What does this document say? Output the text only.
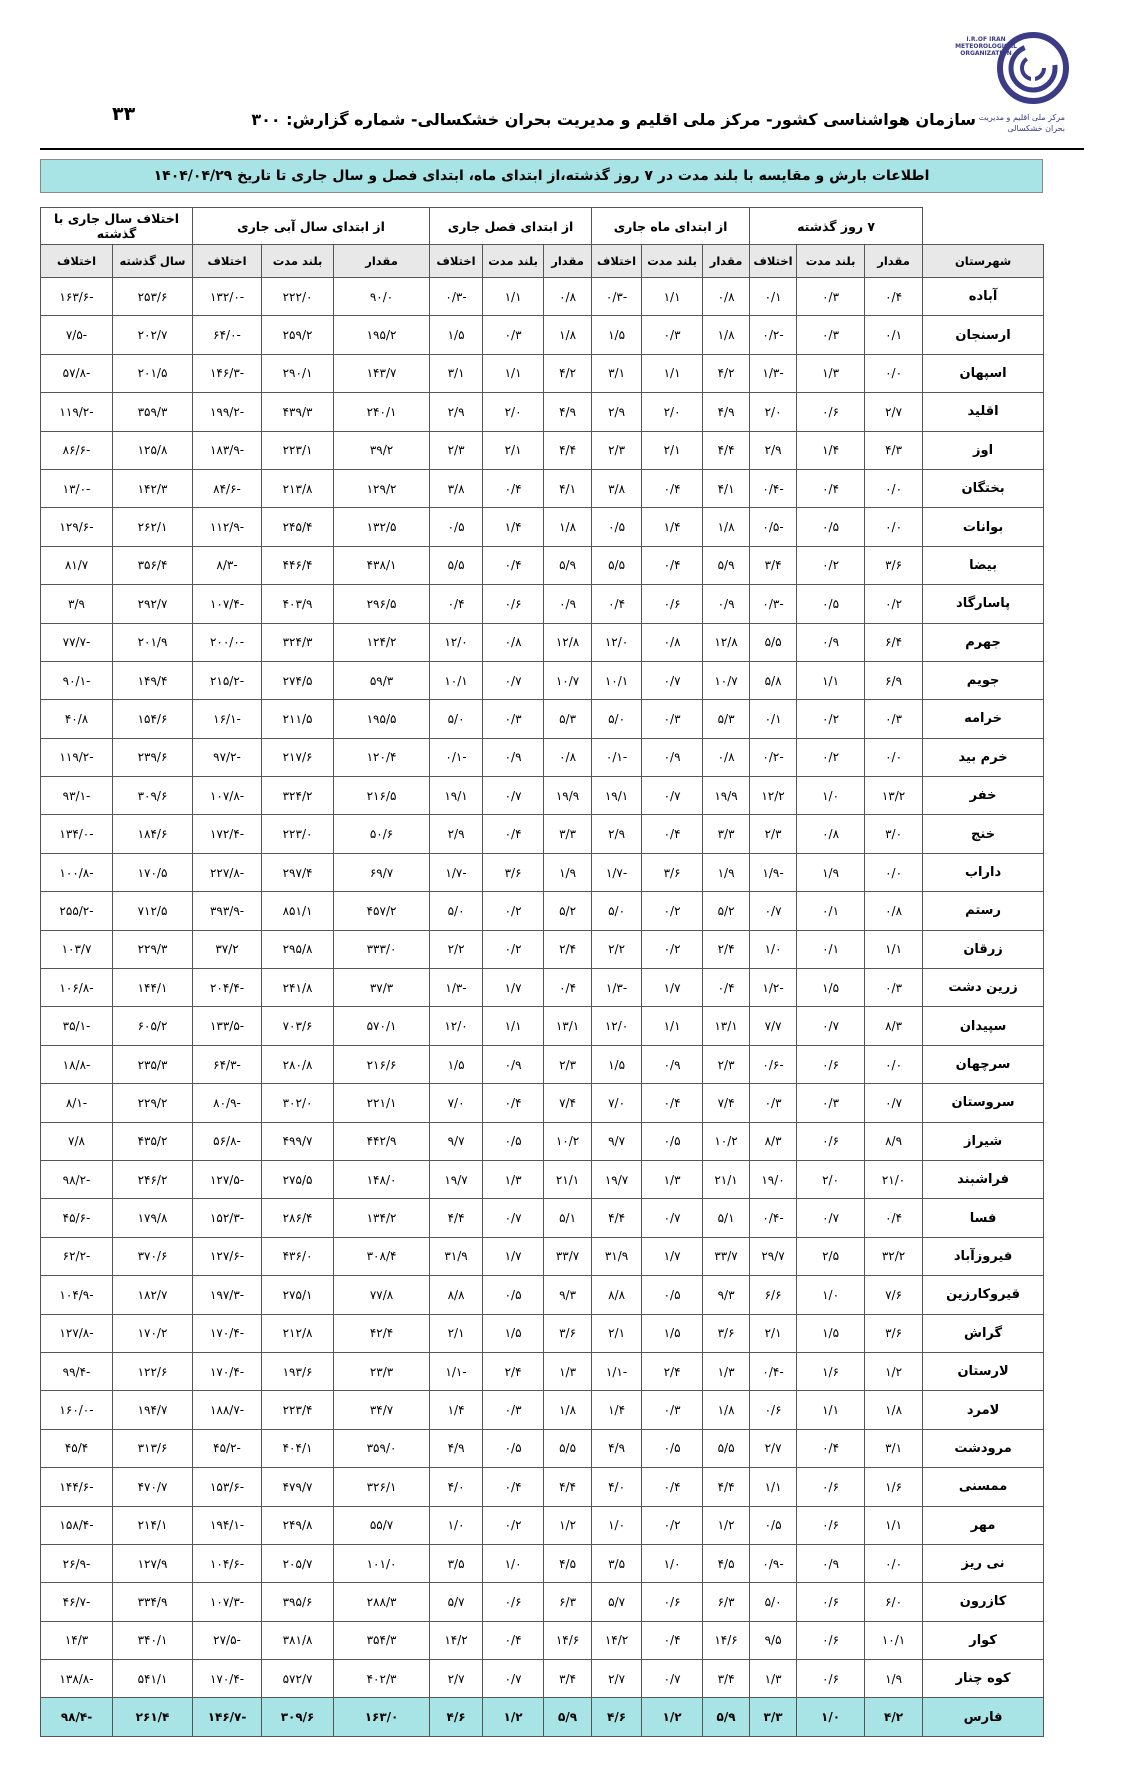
۳۳	سازمان هواشناسی کشور- مرکز ملی اقلیم و مدیریت بحران خشکسالی- شماره گزارش: ۳۰۰
I.R.OF IRAN METEOROLOGICAL ORGANIZATION
مرکز ملی اقلیم و مدیریت بحران خشکسالی
اطلاعات بارش و مقایسه با بلند مدت در ۷ روز گذشته،از ابتدای ماه، ابتدای فصل و سال جاری تا تاریخ ۱۴۰۴/۰۴/۲۹
	۷ روز گذشته			از ابتدای ماه جاری			از ابتدای فصل جاری			از ابتدای سال آبی جاری			اختلاف سال جاری با گذشته	
شهرستان	مقدار	بلند مدت	اختلاف	مقدار	بلند مدت	اختلاف	مقدار	بلند مدت	اختلاف	مقدار	بلند مدت	اختلاف	سال گذشته	اختلاف
آباده	۰/۴	۰/۳	۰/۱	۰/۸	۱/۱	-۰/۳	۰/۸	۱/۱	-۰/۳	۹۰/۰	۲۲۲/۰	-۱۳۲/۰	۲۵۳/۶	-۱۶۳/۶
ارسنجان	۰/۱	۰/۳	-۰/۲	۱/۸	۰/۳	۱/۵	۱/۸	۰/۳	۱/۵	۱۹۵/۲	۲۵۹/۲	-۶۴/۰	۲۰۲/۷	-۷/۵
اسپهان	۰/۰	۱/۳	-۱/۳	۴/۲	۱/۱	۳/۱	۴/۲	۱/۱	۳/۱	۱۴۳/۷	۲۹۰/۱	-۱۴۶/۳	۲۰۱/۵	-۵۷/۸
اقلید	۲/۷	۰/۶	۲/۰	۴/۹	۲/۰	۲/۹	۴/۹	۲/۰	۲/۹	۲۴۰/۱	۴۳۹/۳	-۱۹۹/۲	۳۵۹/۳	-۱۱۹/۲
اوز	۴/۳	۱/۴	۲/۹	۴/۴	۲/۱	۲/۳	۴/۴	۲/۱	۲/۳	۳۹/۲	۲۲۳/۱	-۱۸۳/۹	۱۲۵/۸	-۸۶/۶
بختگان	۰/۰	۰/۴	-۰/۴	۴/۱	۰/۴	۳/۸	۴/۱	۰/۴	۳/۸	۱۲۹/۲	۲۱۳/۸	-۸۴/۶	۱۴۲/۳	-۱۳/۰
بوانات	۰/۰	۰/۵	-۰/۵	۱/۸	۱/۴	۰/۵	۱/۸	۱/۴	۰/۵	۱۳۲/۵	۲۴۵/۴	-۱۱۲/۹	۲۶۲/۱	-۱۲۹/۶
بیضا	۳/۶	۰/۲	۳/۴	۵/۹	۰/۴	۵/۵	۵/۹	۰/۴	۵/۵	۴۳۸/۱	۴۴۶/۴	-۸/۳	۳۵۶/۴	۸۱/۷
پاسارگاد	۰/۲	۰/۵	-۰/۳	۰/۹	۰/۶	۰/۴	۰/۹	۰/۶	۰/۴	۲۹۶/۵	۴۰۳/۹	-۱۰۷/۴	۲۹۲/۷	۳/۹
جهرم	۶/۴	۰/۹	۵/۵	۱۲/۸	۰/۸	۱۲/۰	۱۲/۸	۰/۸	۱۲/۰	۱۲۴/۲	۳۲۴/۳	-۲۰۰/۰	۲۰۱/۹	-۷۷/۷
جویم	۶/۹	۱/۱	۵/۸	۱۰/۷	۰/۷	۱۰/۱	۱۰/۷	۰/۷	۱۰/۱	۵۹/۳	۲۷۴/۵	-۲۱۵/۲	۱۴۹/۴	-۹۰/۱
خرامه	۰/۳	۰/۲	۰/۱	۵/۳	۰/۳	۵/۰	۵/۳	۰/۳	۵/۰	۱۹۵/۵	۲۱۱/۵	-۱۶/۱	۱۵۴/۶	۴۰/۸
خرم بید	۰/۰	۰/۲	-۰/۲	۰/۸	۰/۹	-۰/۱	۰/۸	۰/۹	-۰/۱	۱۲۰/۴	۲۱۷/۶	-۹۷/۲	۲۳۹/۶	-۱۱۹/۲
خفر	۱۳/۲	۱/۰	۱۲/۲	۱۹/۹	۰/۷	۱۹/۱	۱۹/۹	۰/۷	۱۹/۱	۲۱۶/۵	۳۲۴/۲	-۱۰۷/۸	۳۰۹/۶	-۹۳/۱
خنج	۳/۰	۰/۸	۲/۳	۳/۳	۰/۴	۲/۹	۳/۳	۰/۴	۲/۹	۵۰/۶	۲۲۳/۰	-۱۷۲/۴	۱۸۴/۶	-۱۳۴/۰
داراب	۰/۰	۱/۹	-۱/۹	۱/۹	۳/۶	-۱/۷	۱/۹	۳/۶	-۱/۷	۶۹/۷	۲۹۷/۴	-۲۲۷/۸	۱۷۰/۵	-۱۰۰/۸
رستم	۰/۸	۰/۱	۰/۷	۵/۲	۰/۲	۵/۰	۵/۲	۰/۲	۵/۰	۴۵۷/۲	۸۵۱/۱	-۳۹۳/۹	۷۱۲/۵	-۲۵۵/۲
زرقان	۱/۱	۰/۱	۱/۰	۲/۴	۰/۲	۲/۲	۲/۴	۰/۲	۲/۲	۳۳۳/۰	۲۹۵/۸	۳۷/۲	۲۲۹/۳	۱۰۳/۷
زرین دشت	۰/۳	۱/۵	-۱/۲	۰/۴	۱/۷	-۱/۳	۰/۴	۱/۷	-۱/۳	۳۷/۳	۲۴۱/۸	-۲۰۴/۴	۱۴۴/۱	-۱۰۶/۸
سپیدان	۸/۳	۰/۷	۷/۷	۱۳/۱	۱/۱	۱۲/۰	۱۳/۱	۱/۱	۱۲/۰	۵۷۰/۱	۷۰۳/۶	-۱۳۳/۵	۶۰۵/۲	-۳۵/۱
سرچهان	۰/۰	۰/۶	-۰/۶	۲/۳	۰/۹	۱/۵	۲/۳	۰/۹	۱/۵	۲۱۶/۶	۲۸۰/۸	-۶۴/۳	۲۳۵/۳	-۱۸/۸
سروستان	۰/۷	۰/۳	۰/۳	۷/۴	۰/۴	۷/۰	۷/۴	۰/۴	۷/۰	۲۲۱/۱	۳۰۲/۰	-۸۰/۹	۲۲۹/۲	-۸/۱
شیراز	۸/۹	۰/۶	۸/۳	۱۰/۲	۰/۵	۹/۷	۱۰/۲	۰/۵	۹/۷	۴۴۲/۹	۴۹۹/۷	-۵۶/۸	۴۳۵/۲	۷/۸
فراشبند	۲۱/۰	۲/۰	۱۹/۰	۲۱/۱	۱/۳	۱۹/۷	۲۱/۱	۱/۳	۱۹/۷	۱۴۸/۰	۲۷۵/۵	-۱۲۷/۵	۲۴۶/۲	-۹۸/۲
فسا	۰/۴	۰/۷	-۰/۴	۵/۱	۰/۷	۴/۴	۵/۱	۰/۷	۴/۴	۱۳۴/۲	۲۸۶/۴	-۱۵۲/۳	۱۷۹/۸	-۴۵/۶
فیروزآباد	۳۲/۲	۲/۵	۲۹/۷	۳۳/۷	۱/۷	۳۱/۹	۳۳/۷	۱/۷	۳۱/۹	۳۰۸/۴	۴۳۶/۰	-۱۲۷/۶	۳۷۰/۶	-۶۲/۲
قیروکارزین	۷/۶	۱/۰	۶/۶	۹/۳	۰/۵	۸/۸	۹/۳	۰/۵	۸/۸	۷۷/۸	۲۷۵/۱	-۱۹۷/۳	۱۸۲/۷	-۱۰۴/۹
گراش	۳/۶	۱/۵	۲/۱	۳/۶	۱/۵	۲/۱	۳/۶	۱/۵	۲/۱	۴۲/۴	۲۱۲/۸	-۱۷۰/۴	۱۷۰/۲	-۱۲۷/۸
لارستان	۱/۲	۱/۶	-۰/۴	۱/۳	۲/۴	-۱/۱	۱/۳	۲/۴	-۱/۱	۲۳/۳	۱۹۳/۶	-۱۷۰/۴	۱۲۲/۶	-۹۹/۴
لامرد	۱/۸	۱/۱	۰/۶	۱/۸	۰/۳	۱/۴	۱/۸	۰/۳	۱/۴	۳۴/۷	۲۲۳/۴	-۱۸۸/۷	۱۹۴/۷	-۱۶۰/۰
مرودشت	۳/۱	۰/۴	۲/۷	۵/۵	۰/۵	۴/۹	۵/۵	۰/۵	۴/۹	۳۵۹/۰	۴۰۴/۱	-۴۵/۲	۳۱۳/۶	۴۵/۴
ممسنی	۱/۶	۰/۶	۱/۱	۴/۴	۰/۴	۴/۰	۴/۴	۰/۴	۴/۰	۳۲۶/۱	۴۷۹/۷	-۱۵۳/۶	۴۷۰/۷	-۱۴۴/۶
مهر	۱/۱	۰/۶	۰/۵	۱/۲	۰/۲	۱/۰	۱/۲	۰/۲	۱/۰	۵۵/۷	۲۴۹/۸	-۱۹۴/۱	۲۱۴/۱	-۱۵۸/۴
نی ریز	۰/۰	۰/۹	-۰/۹	۴/۵	۱/۰	۳/۵	۴/۵	۱/۰	۳/۵	۱۰۱/۰	۲۰۵/۷	-۱۰۴/۶	۱۲۷/۹	-۲۶/۹
کازرون	۶/۰	۰/۶	۵/۰	۶/۳	۰/۶	۵/۷	۶/۳	۰/۶	۵/۷	۲۸۸/۳	۳۹۵/۶	-۱۰۷/۳	۳۳۴/۹	-۴۶/۷
کوار	۱۰/۱	۰/۶	۹/۵	۱۴/۶	۰/۴	۱۴/۲	۱۴/۶	۰/۴	۱۴/۲	۳۵۴/۳	۳۸۱/۸	-۲۷/۵	۳۴۰/۱	۱۴/۳
کوه چنار	۱/۹	۰/۶	۱/۳	۳/۴	۰/۷	۲/۷	۳/۴	۰/۷	۲/۷	۴۰۲/۳	۵۷۲/۷	-۱۷۰/۴	۵۴۱/۱	-۱۳۸/۸
فارس	۴/۲	۱/۰	۳/۳	۵/۹	۱/۲	۴/۶	۵/۹	۱/۲	۴/۶	۱۶۳/۰	۳۰۹/۶	-۱۴۶/۷	۲۶۱/۴	-۹۸/۴
